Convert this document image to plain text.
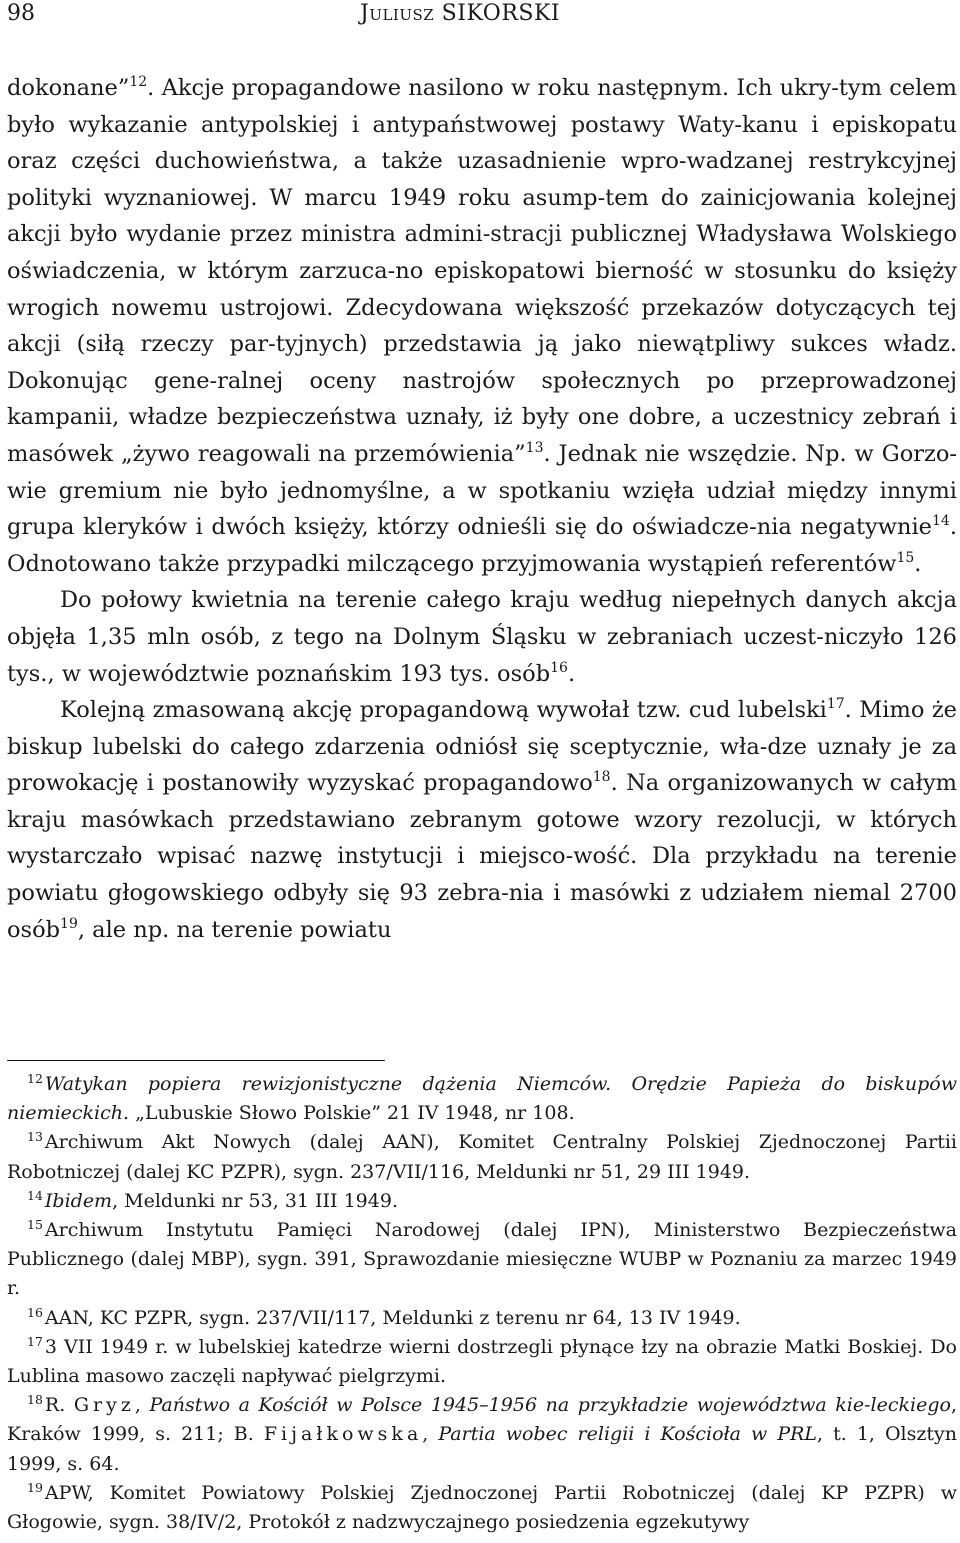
98	Juliusz SIKORSKI

dokonane”$^{12}$. Akcje propagandowe nasilono w roku następnym. Ich ukry-tym celem było wykazanie antypolskiej i antypaństwowej postawy Waty-kanu i episkopatu oraz części duchowieństwa, a także uzasadnienie wpro-wadzanej restrykcyjnej polityki wyznaniowej. W marcu 1949 roku asump-tem do zainicjowania kolejnej akcji było wydanie przez ministra admini-stracji publicznej Władysława Wolskiego oświadczenia, w którym zarzuca-no episkopatowi bierność w stosunku do księży wrogich nowemu ustrojowi. Zdecydowana większość przekazów dotyczących tej akcji (siłą rzeczy par-tyjnych) przedstawia ją jako niewątpliwy sukces władz. Dokonując gene-ralnej oceny nastrojów społecznych po przeprowadzonej kampanii, władze bezpieczeństwa uznały, iż były one dobre, a uczestnicy zebrań i masówek „żywo reagowali na przemówienia”$^{13}$. Jednak nie wszędzie. Np. w Gorzo-wie gremium nie było jednomyślne, a w spotkaniu wzięła udział między innymi grupa kleryków i dwóch księży, którzy odnieśli się do oświadcze-nia negatywnie$^{14}$. Odnotowano także przypadki milczącego przyjmowania wystąpień referentów$^{15}$.

Do połowy kwietnia na terenie całego kraju według niepełnych danych akcja objęła 1,35 mln osób, z tego na Dolnym Śląsku w zebraniach uczest-niczyło 126 tys., w województwie poznańskim 193 tys. osób$^{16}$.

Kolejną zmasowaną akcję propagandową wywołał tzw. cud lubelski$^{17}$. Mimo że biskup lubelski do całego zdarzenia odniósł się sceptycznie, wła-dze uznały je za prowokację i postanowiły wyzyskać propagandowo$^{18}$. Na organizowanych w całym kraju masówkach przedstawiano zebranym gotowe wzory rezolucji, w których wystarczało wpisać nazwę instytucji i miejsco-wość. Dla przykładu na terenie powiatu głogowskiego odbyły się 93 zebra-nia i masówki z udziałem niemal 2700 osób$^{19}$, ale np. na terenie powiatu

$^{12}$ Watykan popiera rewizjonistyczne dążenia Niemców. Orędzie Papieża do biskupów niemieckich. „Lubuskie Słowo Polskie” 21 IV 1948, nr 108.

$^{13}$ Archiwum Akt Nowych (dalej AAN), Komitet Centralny Polskiej Zjednoczonej Partii Robotniczej (dalej KC PZPR), sygn. 237/VII/116, Meldunki nr 51, 29 III 1949.

$^{14}$ Ibidem, Meldunki nr 53, 31 III 1949.

$^{15}$ Archiwum Instytutu Pamięci Narodowej (dalej IPN), Ministerstwo Bezpieczeństwa Publicznego (dalej MBP), sygn. 391, Sprawozdanie miesięczne WUBP w Poznaniu za marzec 1949 r.

$^{16}$ AAN, KC PZPR, sygn. 237/VII/117, Meldunki z terenu nr 64, 13 IV 1949.

$^{17}$ 3 VII 1949 r. w lubelskiej katedrze wierni dostrzegli płynące łzy na obrazie Matki Boskiej. Do Lublina masowo zaczęli napływać pielgrzymi.

$^{18}$ R. Gryz, Państwo a Kościół w Polsce 1945–1956 na przykładzie województwa kie-leckiego, Kraków 1999, s. 211; B. Fijałkowska, Partia wobec religii i Kościoła w PRL, t. 1, Olsztyn 1999, s. 64.

$^{19}$ APW, Komitet Powiatowy Polskiej Zjednoczonej Partii Robotniczej (dalej KP PZPR) w Głogowie, sygn. 38/IV/2, Protokół z nadzwyczajnego posiedzenia egzekutywy
